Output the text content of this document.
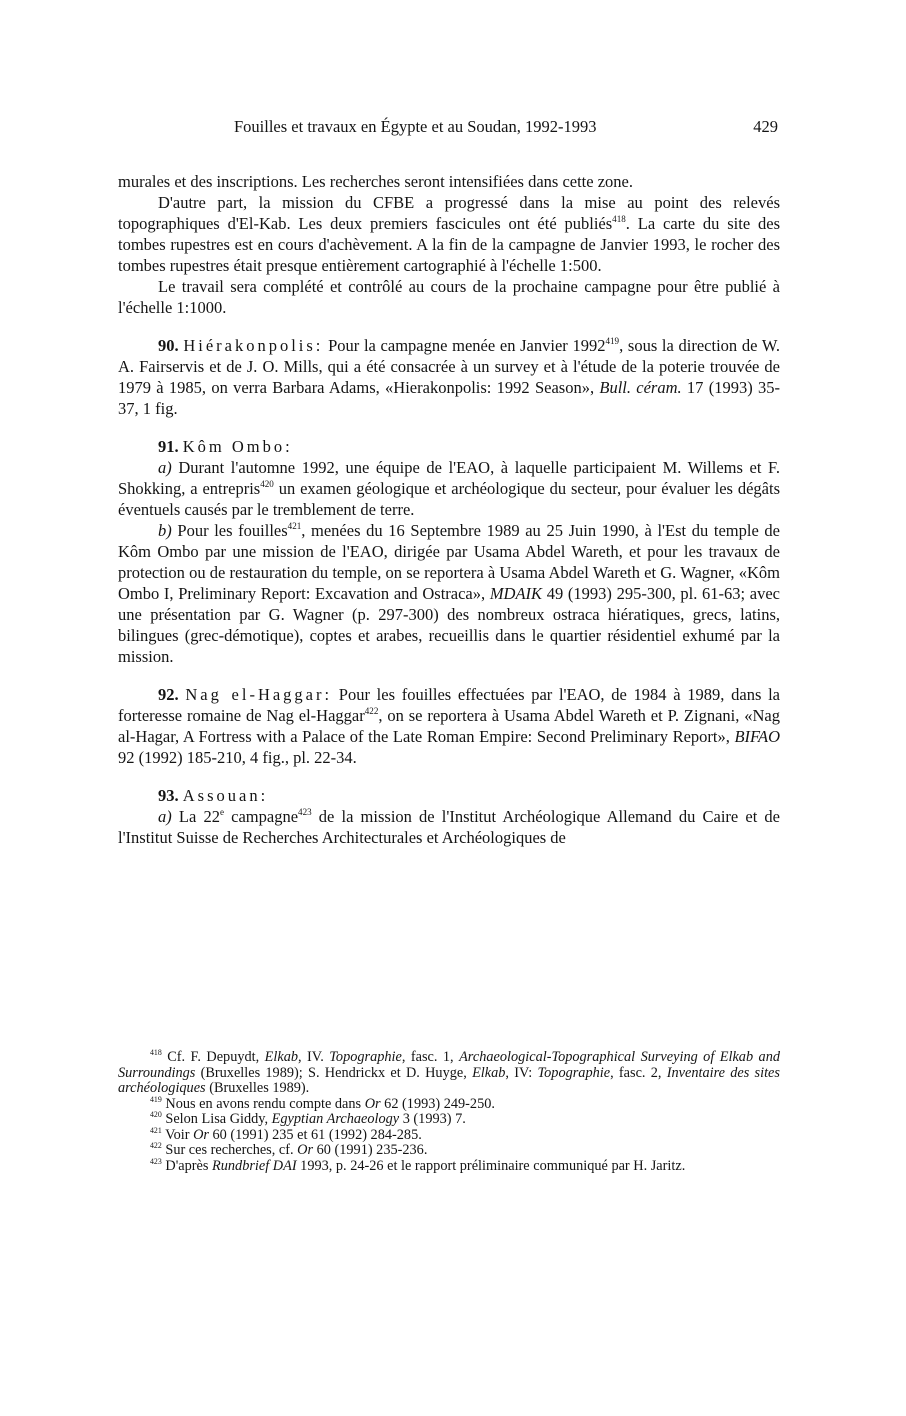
Fouilles et travaux en Égypte et au Soudan, 1992-1993	429

murales et des inscriptions. Les recherches seront intensifiées dans cette zone.

D'autre part, la mission du CFBE a progressé dans la mise au point des relevés topographiques d'El-Kab. Les deux premiers fascicules ont été publiés$^{418}$. La carte du site des tombes rupestres est en cours d'achèvement. A la fin de la campagne de Janvier 1993, le rocher des tombes rupestres était presque entièrement cartographié à l'échelle 1:500.

Le travail sera complété et contrôlé au cours de la prochaine campagne pour être publié à l'échelle 1:1000.

90. Hiérakonpolis: Pour la campagne menée en Janvier 1992$^{419}$, sous la direction de W. A. Fairservis et de J. O. Mills, qui a été consacrée à un survey et à l'étude de la poterie trouvée de 1979 à 1985, on verra Barbara Adams, «Hierakonpolis: 1992 Season», Bull. céram. 17 (1993) 35-37, 1 fig.

91. Kôm Ombo:

a) Durant l'automne 1992, une équipe de l'EAO, à laquelle participaient M. Willems et F. Shokking, a entrepris$^{420}$ un examen géologique et archéologique du secteur, pour évaluer les dégâts éventuels causés par le tremblement de terre.

b) Pour les fouilles$^{421}$, menées du 16 Septembre 1989 au 25 Juin 1990, à l'Est du temple de Kôm Ombo par une mission de l'EAO, dirigée par Usama Abdel Wareth, et pour les travaux de protection ou de restauration du temple, on se reportera à Usama Abdel Wareth et G. Wagner, «Kôm Ombo I, Preliminary Report: Excavation and Ostraca», MDAIK 49 (1993) 295-300, pl. 61-63; avec une présentation par G. Wagner (p. 297-300) des nombreux ostraca hiératiques, grecs, latins, bilingues (grec-démotique), coptes et arabes, recueillis dans le quartier résidentiel exhumé par la mission.

92. Nag el-Haggar: Pour les fouilles effectuées par l'EAO, de 1984 à 1989, dans la forteresse romaine de Nag el-Haggar$^{422}$, on se reportera à Usama Abdel Wareth et P. Zignani, «Nag al-Hagar, A Fortress with a Palace of the Late Roman Empire: Second Preliminary Report», BIFAO 92 (1992) 185-210, 4 fig., pl. 22-34.

93. Assouan:

a) La 22e campagne$^{423}$ de la mission de l'Institut Archéologique Allemand du Caire et de l'Institut Suisse de Recherches Architecturales et Archéologiques de

$^{418}$ Cf. F. Depuydt, Elkab, IV. Topographie, fasc. 1, Archaeological-Topographical Surveying of Elkab and Surroundings (Bruxelles 1989); S. Hendrickx et D. Huyge, Elkab, IV: Topographie, fasc. 2, Inventaire des sites archéologiques (Bruxelles 1989).

$^{419}$ Nous en avons rendu compte dans Or 62 (1993) 249-250.

$^{420}$ Selon Lisa Giddy, Egyptian Archaeology 3 (1993) 7.

$^{421}$ Voir Or 60 (1991) 235 et 61 (1992) 284-285.

$^{422}$ Sur ces recherches, cf. Or 60 (1991) 235-236.

$^{423}$ D'après Rundbrief DAI 1993, p. 24-26 et le rapport préliminaire communiqué par H. Jaritz.
